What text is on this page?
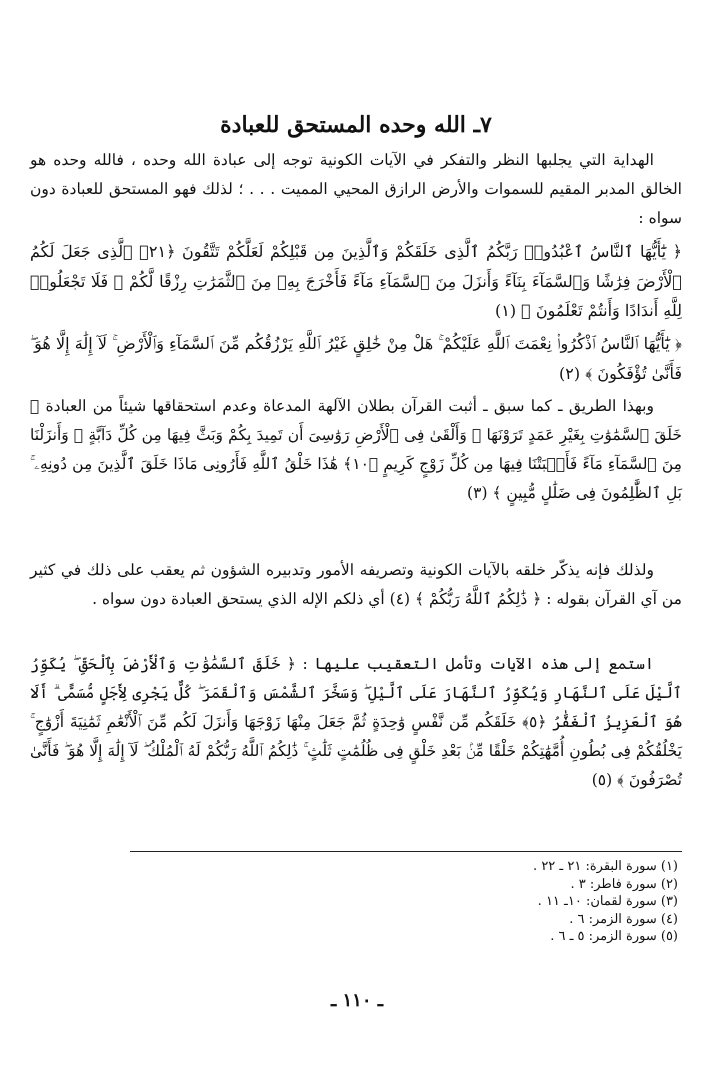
٧ـ الله وحده المستحق للعبادة
الهداية التي يجلبها النظر والتفكر في الآيات الكونية توجه إلى عبادة الله وحده ، فالله وحده هو الخالق المدبر المقيم للسموات والأرض الرازق المحيي المميت . . . ؛ لذلك فهو المستحق للعبادة دون سواه :
﴿ يَٰٓأَيُّهَا ٱلنَّاسُ ٱعْبُدُوا۟ رَبَّكُمُ ٱلَّذِى خَلَقَكُمْ وَٱلَّذِينَ مِن قَبْلِكُمْ لَعَلَّكُمْ تَتَّقُونَ ﴿٢١﴾ ٱلَّذِى جَعَلَ لَكُمُ ٱلْأَرْضَ فِرَٰشًا وَٱلسَّمَآءَ بِنَآءً وَأَنزَلَ مِنَ ٱلسَّمَآءِ مَآءً فَأَخْرَجَ بِهِۦ مِنَ ٱلثَّمَرَٰتِ رِزْقًا لَّكُمْ ۖ فَلَا تَجْعَلُوا۟ لِلَّهِ أَندَادًا وَأَنتُمْ تَعْلَمُونَ ﴾ (١)
﴿ يَٰٓأَيُّهَا ٱلنَّاسُ ٱذْكُرُوا۟ نِعْمَتَ ٱللَّهِ عَلَيْكُمْ ۚ هَلْ مِنْ خَٰلِقٍ غَيْرُ ٱللَّهِ يَرْزُقُكُم مِّنَ ٱلسَّمَآءِ وَٱلْأَرْضِ ۚ لَآ إِلَٰهَ إِلَّا هُوَ ۖ فَأَنَّىٰ تُؤْفَكُونَ ﴾ (٢)
وبهذا الطريق ـ كما سبق ـ أثبت القرآن بطلان الآلهة المدعاة وعدم استحقاقها شيئاً من العبادة ﴿ خَلَقَ ٱلسَّمَٰوَٰتِ بِغَيْرِ عَمَدٍ تَرَوْنَهَا ۖ وَأَلْقَىٰ فِى ٱلْأَرْضِ رَوَٰسِىَ أَن تَمِيدَ بِكُمْ وَبَثَّ فِيهَا مِن كُلِّ دَآبَّةٍ ۚ وَأَنزَلْنَا مِنَ ٱلسَّمَآءِ مَآءً فَأَنۢبَتْنَا فِيهَا مِن كُلِّ زَوْجٍ كَرِيمٍ ﴿١٠﴾ هَٰذَا خَلْقُ ٱللَّهِ فَأَرُونِى مَاذَا خَلَقَ ٱلَّذِينَ مِن دُونِهِۦ ۚ بَلِ ٱلظَّٰلِمُونَ فِى ضَلَٰلٍ مُّبِينٍ ﴾ (٣)
ولذلك فإنه يذكّر خلقه بالآيات الكونية وتصريفه الأمور وتدبيره الشؤون ثم يعقب على ذلك في كثير من آي القرآن بقوله : ﴿ ذَٰلِكُمُ ٱللَّهُ رَبُّكُمْ ﴾ (٤) أي ذلكم الإله الذي يستحق العبادة دون سواه .
استمع إلى هذه الآيات وتأمل التعقيب عليها : ﴿ خَلَقَ ٱلسَّمَٰوَٰتِ وَٱلْأَرْضَ بِٱلْحَقِّ ۖ يُكَوِّرُ ٱلَّيْلَ عَلَى ٱلنَّهَارِ وَيُكَوِّرُ ٱلنَّهَارَ عَلَى ٱلَّيْلِ ۖ وَسَخَّرَ ٱلشَّمْسَ وَٱلْقَمَرَ ۖ كُلٌّ يَجْرِى لِأَجَلٍ مُّسَمًّى ۗ أَلَا هُوَ ٱلْعَزِيزُ ٱلْغَفَّٰرُ ﴿٥﴾ خَلَقَكُم مِّن نَّفْسٍ وَٰحِدَةٍ ثُمَّ جَعَلَ مِنْهَا زَوْجَهَا وَأَنزَلَ لَكُم مِّنَ ٱلْأَنْعَٰمِ ثَمَٰنِيَةَ أَزْوَٰجٍ ۚ يَخْلُقُكُمْ فِى بُطُونِ أُمَّهَٰتِكُمْ خَلْقًا مِّنۢ بَعْدِ خَلْقٍ فِى ظُلُمَٰتٍ ثَلَٰثٍ ۚ ذَٰلِكُمُ ٱللَّهُ رَبُّكُمْ لَهُ ٱلْمُلْكُ ۖ لَآ إِلَٰهَ إِلَّا هُوَ ۖ فَأَنَّىٰ تُصْرَفُونَ ﴾ (٥)
(١) سورة البقرة: ٢١ ـ ٢٢ .
(٢) سورة فاطر: ٣ .
(٣) سورة لقمان: ١٠ـ ١١ .
(٤) سورة الزمر: ٦ .
(٥) سورة الزمر: ٥ ـ ٦ .
ـ ١١٠ ـ
